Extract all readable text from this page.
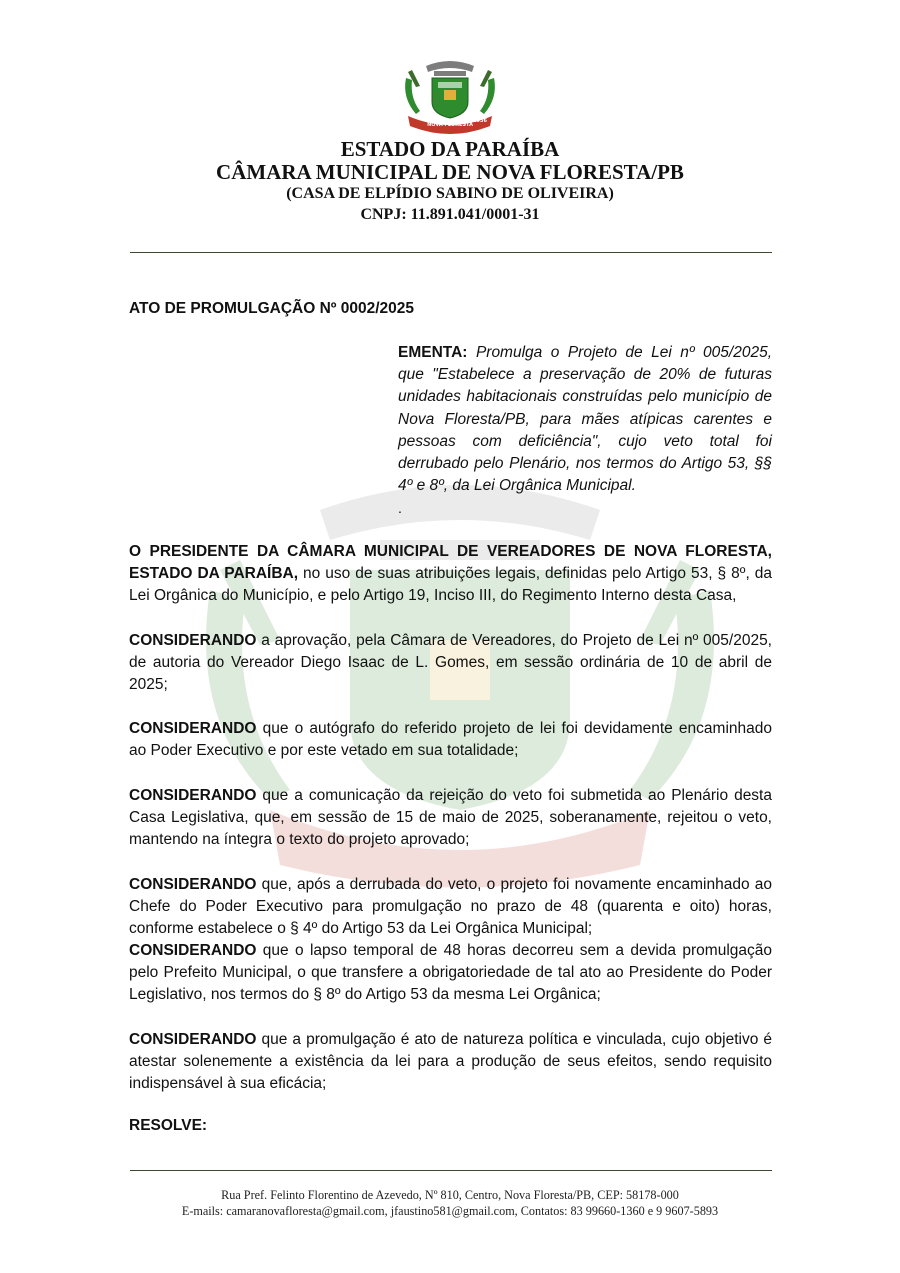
NOVA FLORESTA
1936
ESTADO DA PARAÍBA
CÂMARA MUNICIPAL DE NOVA FLORESTA/PB
(CASA DE ELPÍDIO SABINO DE OLIVEIRA)
CNPJ: 11.891.041/0001-31
ATO DE PROMULGAÇÃO Nº 0002/2025
EMENTA: Promulga o Projeto de Lei nº 005/2025, que "Estabelece a preservação de 20% de futuras unidades habitacionais construídas pelo município de Nova Floresta/PB, para mães atípicas carentes e pessoas com deficiência", cujo veto total foi derrubado pelo Plenário, nos termos do Artigo 53, §§ 4º e 8º, da Lei Orgânica Municipal.
.
O PRESIDENTE DA CÂMARA MUNICIPAL DE VEREADORES DE NOVA FLORESTA, ESTADO DA PARAÍBA, no uso de suas atribuições legais, definidas pelo Artigo 53, § 8º, da Lei Orgânica do Município, e pelo Artigo 19, Inciso III, do Regimento Interno desta Casa,
CONSIDERANDO a aprovação, pela Câmara de Vereadores, do Projeto de Lei nº 005/2025, de autoria do Vereador Diego Isaac de L. Gomes, em sessão ordinária de 10 de abril de 2025;
CONSIDERANDO que o autógrafo do referido projeto de lei foi devidamente encaminhado ao Poder Executivo e por este vetado em sua totalidade;
CONSIDERANDO que a comunicação da rejeição do veto foi submetida ao Plenário desta Casa Legislativa, que, em sessão de 15 de maio de 2025, soberanamente, rejeitou o veto, mantendo na íntegra o texto do projeto aprovado;
CONSIDERANDO que, após a derrubada do veto, o projeto foi novamente encaminhado ao Chefe do Poder Executivo para promulgação no prazo de 48 (quarenta e oito) horas, conforme estabelece o § 4º do Artigo 53 da Lei Orgânica Municipal;
CONSIDERANDO que o lapso temporal de 48 horas decorreu sem a devida promulgação pelo Prefeito Municipal, o que transfere a obrigatoriedade de tal ato ao Presidente do Poder Legislativo, nos termos do § 8º do Artigo 53 da mesma Lei Orgânica;
CONSIDERANDO que a promulgação é ato de natureza política e vinculada, cujo objetivo é atestar solenemente a existência da lei para a produção de seus efeitos, sendo requisito indispensável à sua eficácia;
RESOLVE:
Rua Pref. Felinto Florentino de Azevedo, Nº 810, Centro, Nova Floresta/PB, CEP: 58178-000
E-mails: camaranovafloresta@gmail.com, jfaustino581@gmail.com, Contatos: 83 99660-1360 e 9 9607-5893
